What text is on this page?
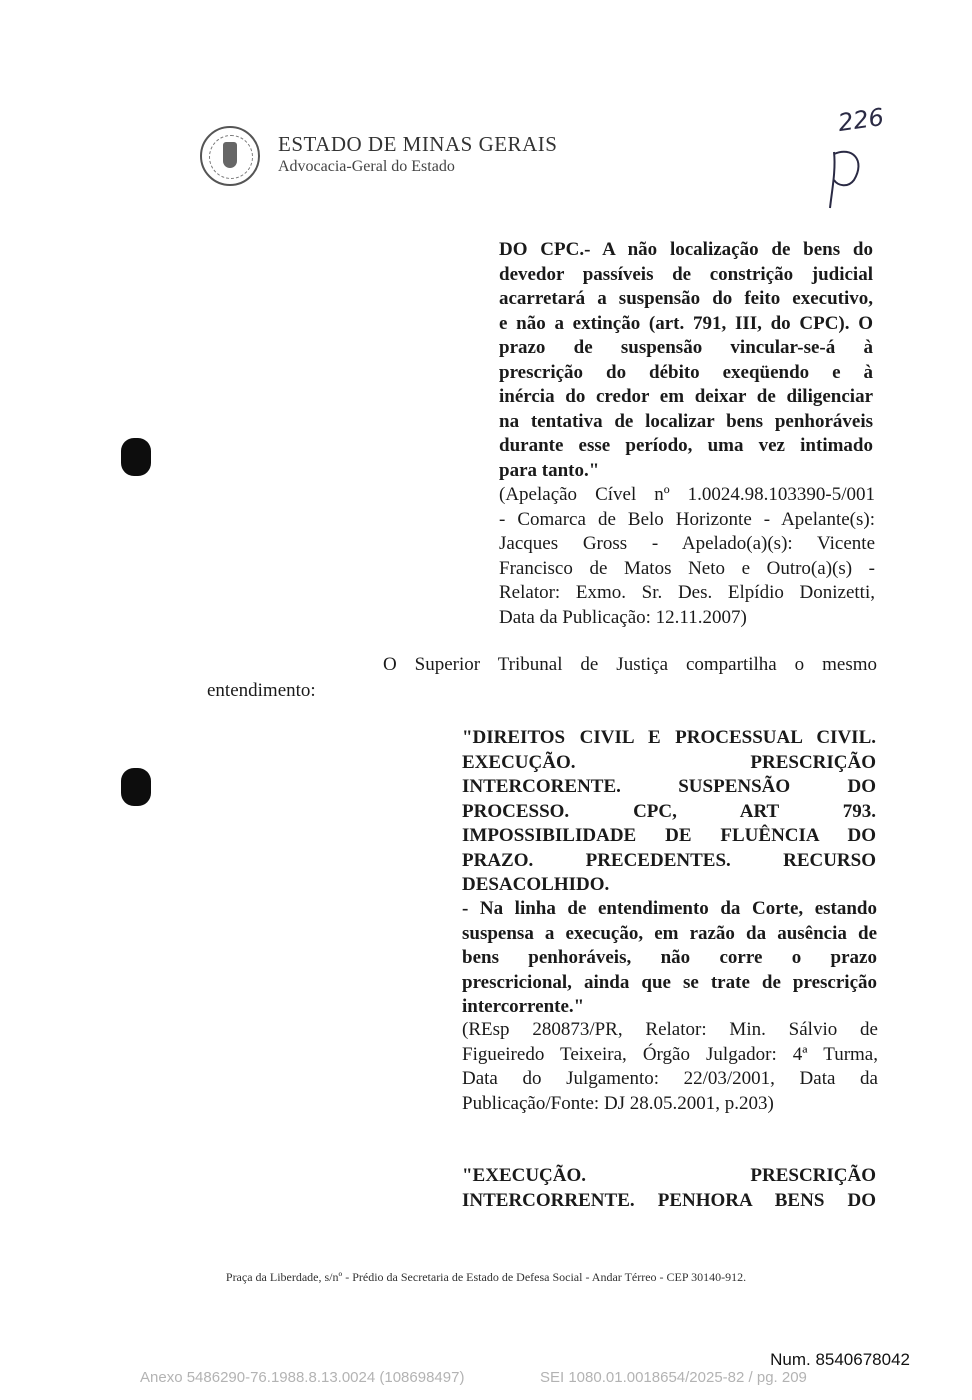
ESTADO DE MINAS GERAIS
Advocacia-Geral do Estado
226
DO CPC.- A não localização de bens do
devedor passíveis de constrição judicial
acarretará a suspensão do feito executivo,
e não a extinção (art. 791, III, do CPC). O
prazo de suspensão vincular-se-á à
prescrição do débito exeqüendo e à
inércia do credor em deixar de diligenciar
na tentativa de localizar bens penhoráveis
durante esse período, uma vez intimado
para tanto."
(Apelação Cível nº 1.0024.98.103390-5/001
- Comarca de Belo Horizonte - Apelante(s):
Jacques Gross - Apelado(a)(s): Vicente
Francisco de Matos Neto e Outro(a)(s) -
Relator: Exmo. Sr. Des. Elpídio Donizetti,
Data da Publicação: 12.11.2007)
O Superior Tribunal de Justiça compartilha o mesmo
entendimento:
"DIREITOS CIVIL E PROCESSUAL CIVIL.
EXECUÇÃO. PRESCRIÇÃO
INTERCORENTE. SUSPENSÃO DO
PROCESSO. CPC, ART 793.
IMPOSSIBILIDADE DE FLUÊNCIA DO
PRAZO. PRECEDENTES. RECURSO
DESACOLHIDO.
- Na linha de entendimento da Corte, estando
suspensa a execução, em razão da ausência de
bens penhoráveis, não corre o prazo
prescricional, ainda que se trate de prescrição
intercorrente."
(REsp 280873/PR, Relator: Min. Sálvio de
Figueiredo Teixeira, Órgão Julgador: 4ª Turma,
Data do Julgamento: 22/03/2001, Data da
Publicação/Fonte: DJ 28.05.2001, p.203)
"EXECUÇÃO. PRESCRIÇÃO
INTERCORRENTE. PENHORA BENS DO
Praça da Liberdade, s/nº - Prédio da Secretaria de Estado de Defesa Social - Andar Térreo - CEP 30140-912.
Num. 8540678042
Anexo 5486290-76.1988.8.13.0024 (108698497)	SEI 1080.01.0018654/2025-82 / pg. 209
